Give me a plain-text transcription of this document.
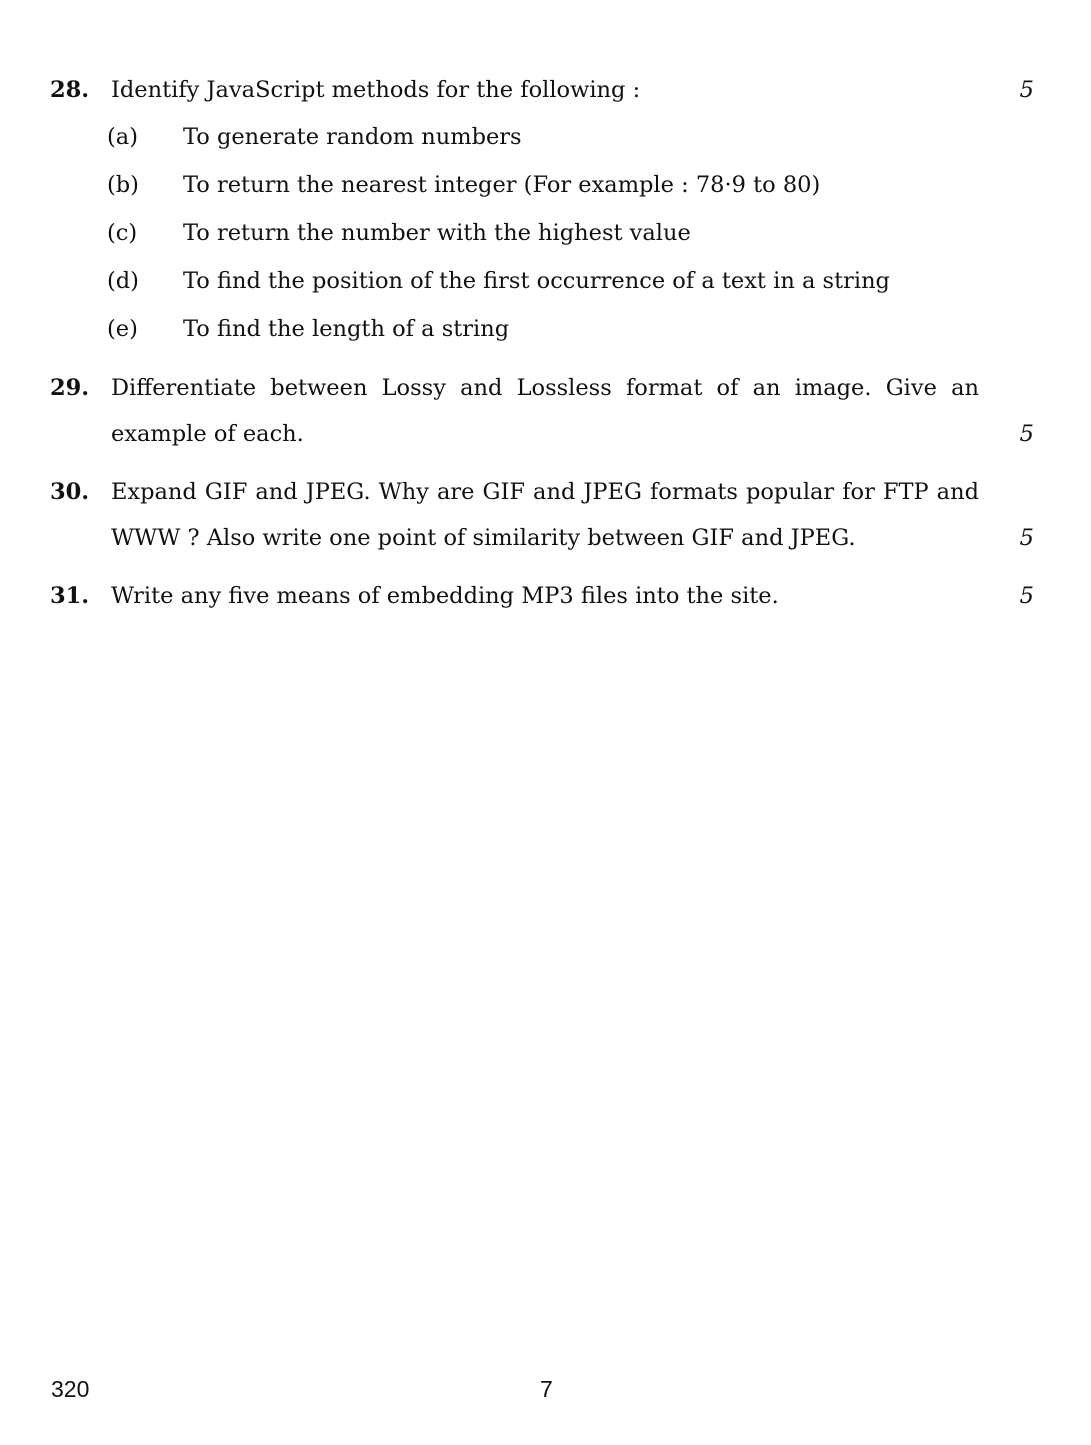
28. Identify JavaScript methods for the following :	5
(a) To generate random numbers
(b) To return the nearest integer (For example : 78·9 to 80)
(c) To return the number with the highest value
(d) To find the position of the first occurrence of a text in a string
(e) To find the length of a string
29. Differentiate between Lossy and Lossless format of an image. Give an example of each.	5
30. Expand GIF and JPEG. Why are GIF and JPEG formats popular for FTP and WWW ? Also write one point of similarity between GIF and JPEG.	5
31. Write any five means of embedding MP3 files into the site.	5
320	7
